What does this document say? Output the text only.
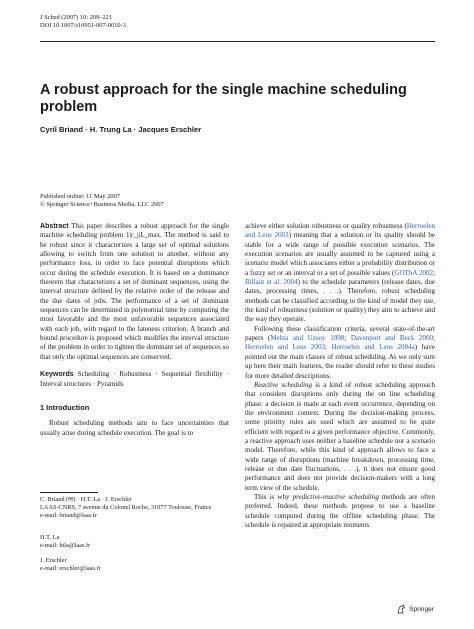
J Sched (2007) 10: 209–221
DOI 10.1007/s10951-007-0010-3
A robust approach for the single machine scheduling problem
Cyril Briand · H. Trung La · Jacques Erschler
Published online: 11 May 2007
© Springer Science+Business Media, LLC 2007

Abstract This paper describes a robust approach for the single machine scheduling problem 1|r_j|L_max. The method is said to be robust since it characterizes a large set of optimal solutions allowing to switch from one solution to another, without any performance loss, in order to face potential disruptions which occur during the schedule execution. It is based on a dominance theorem that characterizes a set of dominant sequences, using the interval structure defined by the relative order of the release and the due dates of jobs. The performance of a set of dominant sequences can be determined in polynomial time by computing the most favorable and the most unfavorable sequences associated with each job, with regard to the lateness criterion. A branch and bound procedure is proposed which modifies the interval structure of the problem in order to tighten the dominant set of sequences so that only the optimal sequences are conserved.

Keywords Scheduling · Robustness · Sequential flexibility · Interval structures · Pyramids

1 Introduction

Robust scheduling methods aim to face uncertainties that usually arise during schedule execution. The goal is to

C. Briand (✉) · H.T. La · J. Erschler
LAAS-CNRS, 7 avenue du Colonel Roche, 31077 Toulouse, France
e-mail: briand@laas.fr
H.T. La
e-mail: htla@laas.fr
J. Erschler
e-mail: erschler@laas.fr

achieve either solution robustness or quality robustness (Herroelen and Leus 2003) meaning that a solution or its quality should be stable for a wide range of possible execution scenarios. The execution scenarios are usually assumed to be captured using a scenario model which associates either a probability distribution or a fuzzy set or an interval or a set of possible values (GOThA 2002; Billaut et al. 2004) to the schedule parameters (release dates, due dates, processing times, . . .). Therefore, robust scheduling methods can be classified according to the kind of model they use, the kind of robustness (solution or quality) they aim to achieve and the way they operate.

Following these classification criteria, several state-of-the-art papers (Mehta and Uzsoy 1998; Davenport and Beck 2000; Herroelen and Leus 2003; Herroelen and Leus 2004a) have pointed out the main classes of robust scheduling. As we only sum up here their main features, the reader should refer to these studies for more detailed descriptions.

Reactive scheduling is a kind of robust scheduling approach that considers disruptions only during the on line scheduling phase: a decision is made at each event occurrence, depending on the environment context. During the decision-making process, some priority rules are used which are assumed to be quite efficient with regard to a given performance objective. Commonly, a reactive approach uses neither a baseline schedule nor a scenario model. Therefore, while this kind of approach allows to face a wide range of disruptions (machine breakdown, processing time, release or due date fluctuations, . . .), it does not ensure good performance and does not provide decision-makers with a long term view of the schedule.

This is why predictive-reactive scheduling methods are often preferred. Indeed, these methods propose to use a baseline schedule computed during the offline scheduling phase. The schedule is repaired at appropriate moments

Springer
